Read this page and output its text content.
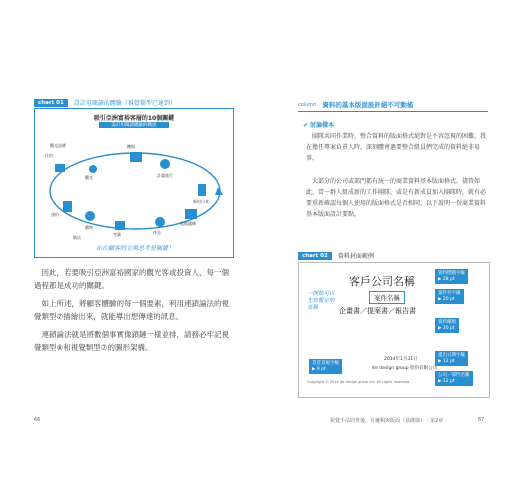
chart 01	設計用閱讀的體驗（視覺類型已達到）
吸引亞洲富裕客層的10個關鍵
設計用閱讀體驗的構思
機場
計畫旅行
新村日本
旅館選擇
休息
考量
購物
觀光
住宿
預約
觀光設備
飯店
站在顧客的立場思考是關鍵！

因此，若要吸引亞洲富裕國家的觀光客或投資人，每一個過程都是成功的關鍵。

如上所述，將顧客體驗的每一個要素，利用連鎖論法的視覺類型⑦描繪出來，就能導出想傳達的訊息。

連鎖論法就是將數個事實像鎖鏈一樣並排，請務必牢記視覺類型⑧和視覺類型⑦的圖形架構。

66
column 資料的基本版面設計絕不可動搖
✔ 討論樣本

團隊共同作業時，整合資料的版面格式絕對是不容忽視的困難。我在擔任專案負責人時，深刻體會過要整合組員們完成的資料絕非易事。

大部分的公司或部門都有統一的商業資料基本版面格式，儘管如此，當一群人組成新的工作團隊，或是有新成員加入團隊時，就有必要重新確認每個人使用的版面格式是否相同，以下說明一份商業資料基本版面設計要點。

chart 02	資料封面範例
客戶公司名稱
案件名稱
企畫書／提案書／報告書
一開始可以先寫暫定的名稱
2014年1月31日
ite design group 股份有限公司
Copyright © 2014 ite design group Inc. All rights reserved.
資料標題字級
▶ 28 pt
案件名字級
▶ 20 pt
資料種類
▶ 20 pt
頁首頁尾字級
▶ 9 pt
提出日期字級
▶ 12 pt
公司／部門名稱
▶ 12 pt
視覺手法的背後，有邏輯與版面（基礎篇）｜第2章	67
